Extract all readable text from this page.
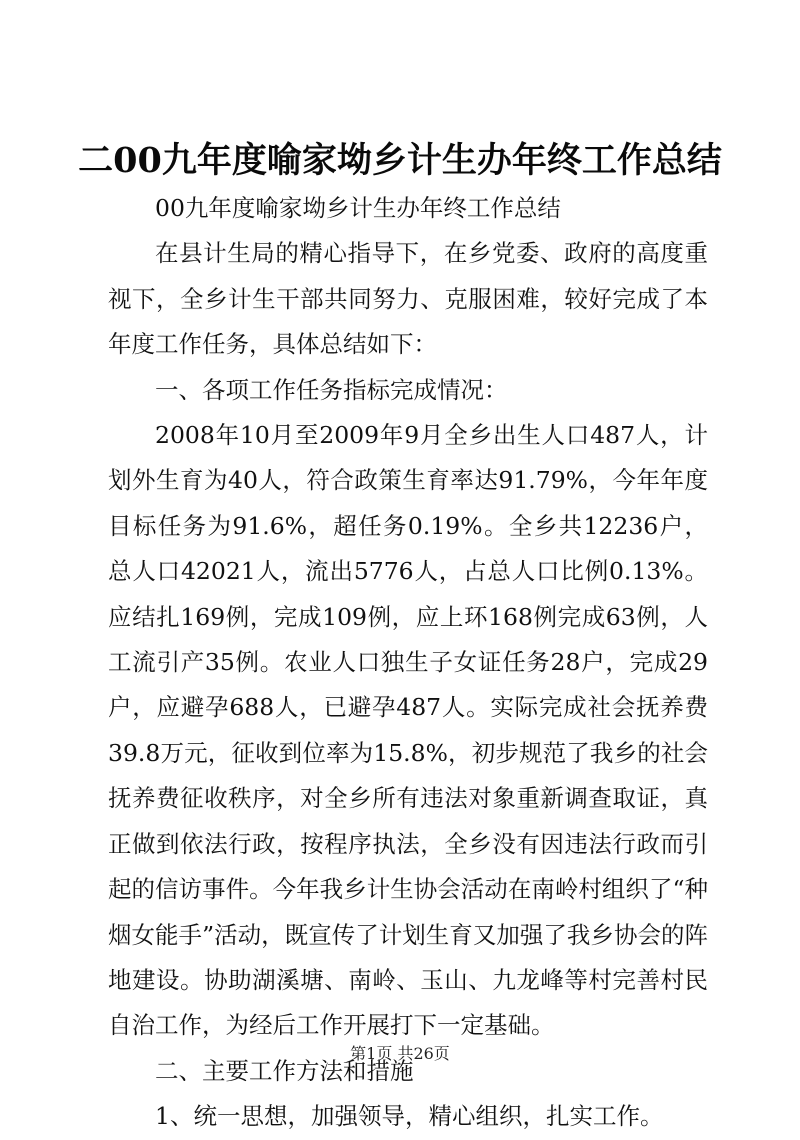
二00九年度喻家坳乡计生办年终工作总结

00九年度喻家坳乡计生办年终工作总结

在县计生局的精心指导下，在乡党委、政府的高度重视下，全乡计生干部共同努力、克服困难，较好完成了本年度工作任务，具体总结如下：

一、各项工作任务指标完成情况：

2008年10月至2009年9月全乡出生人口487人，计划外生育为40人，符合政策生育率达91.79%，今年年度目标任务为91.6%，超任务0.19%。全乡共12236户，总人口42021人，流出5776人，占总人口比例0.13%。应结扎169例，完成109例，应上环168例完成63例，人工流引产35例。农业人口独生子女证任务28户，完成29户，应避孕688人，已避孕487人。实际完成社会抚养费39.8万元，征收到位率为15.8%，初步规范了我乡的社会抚养费征收秩序，对全乡所有违法对象重新调查取证，真正做到依法行政，按程序执法，全乡没有因违法行政而引起的信访事件。今年我乡计生协会活动在南岭村组织了“种烟女能手”活动，既宣传了计划生育又加强了我乡协会的阵地建设。协助湖溪塘、南岭、玉山、九龙峰等村完善村民自治工作，为经后工作开展打下一定基础。

二、主要工作方法和措施

1、统一思想，加强领导，精心组织，扎实工作。

第1页 共26页
